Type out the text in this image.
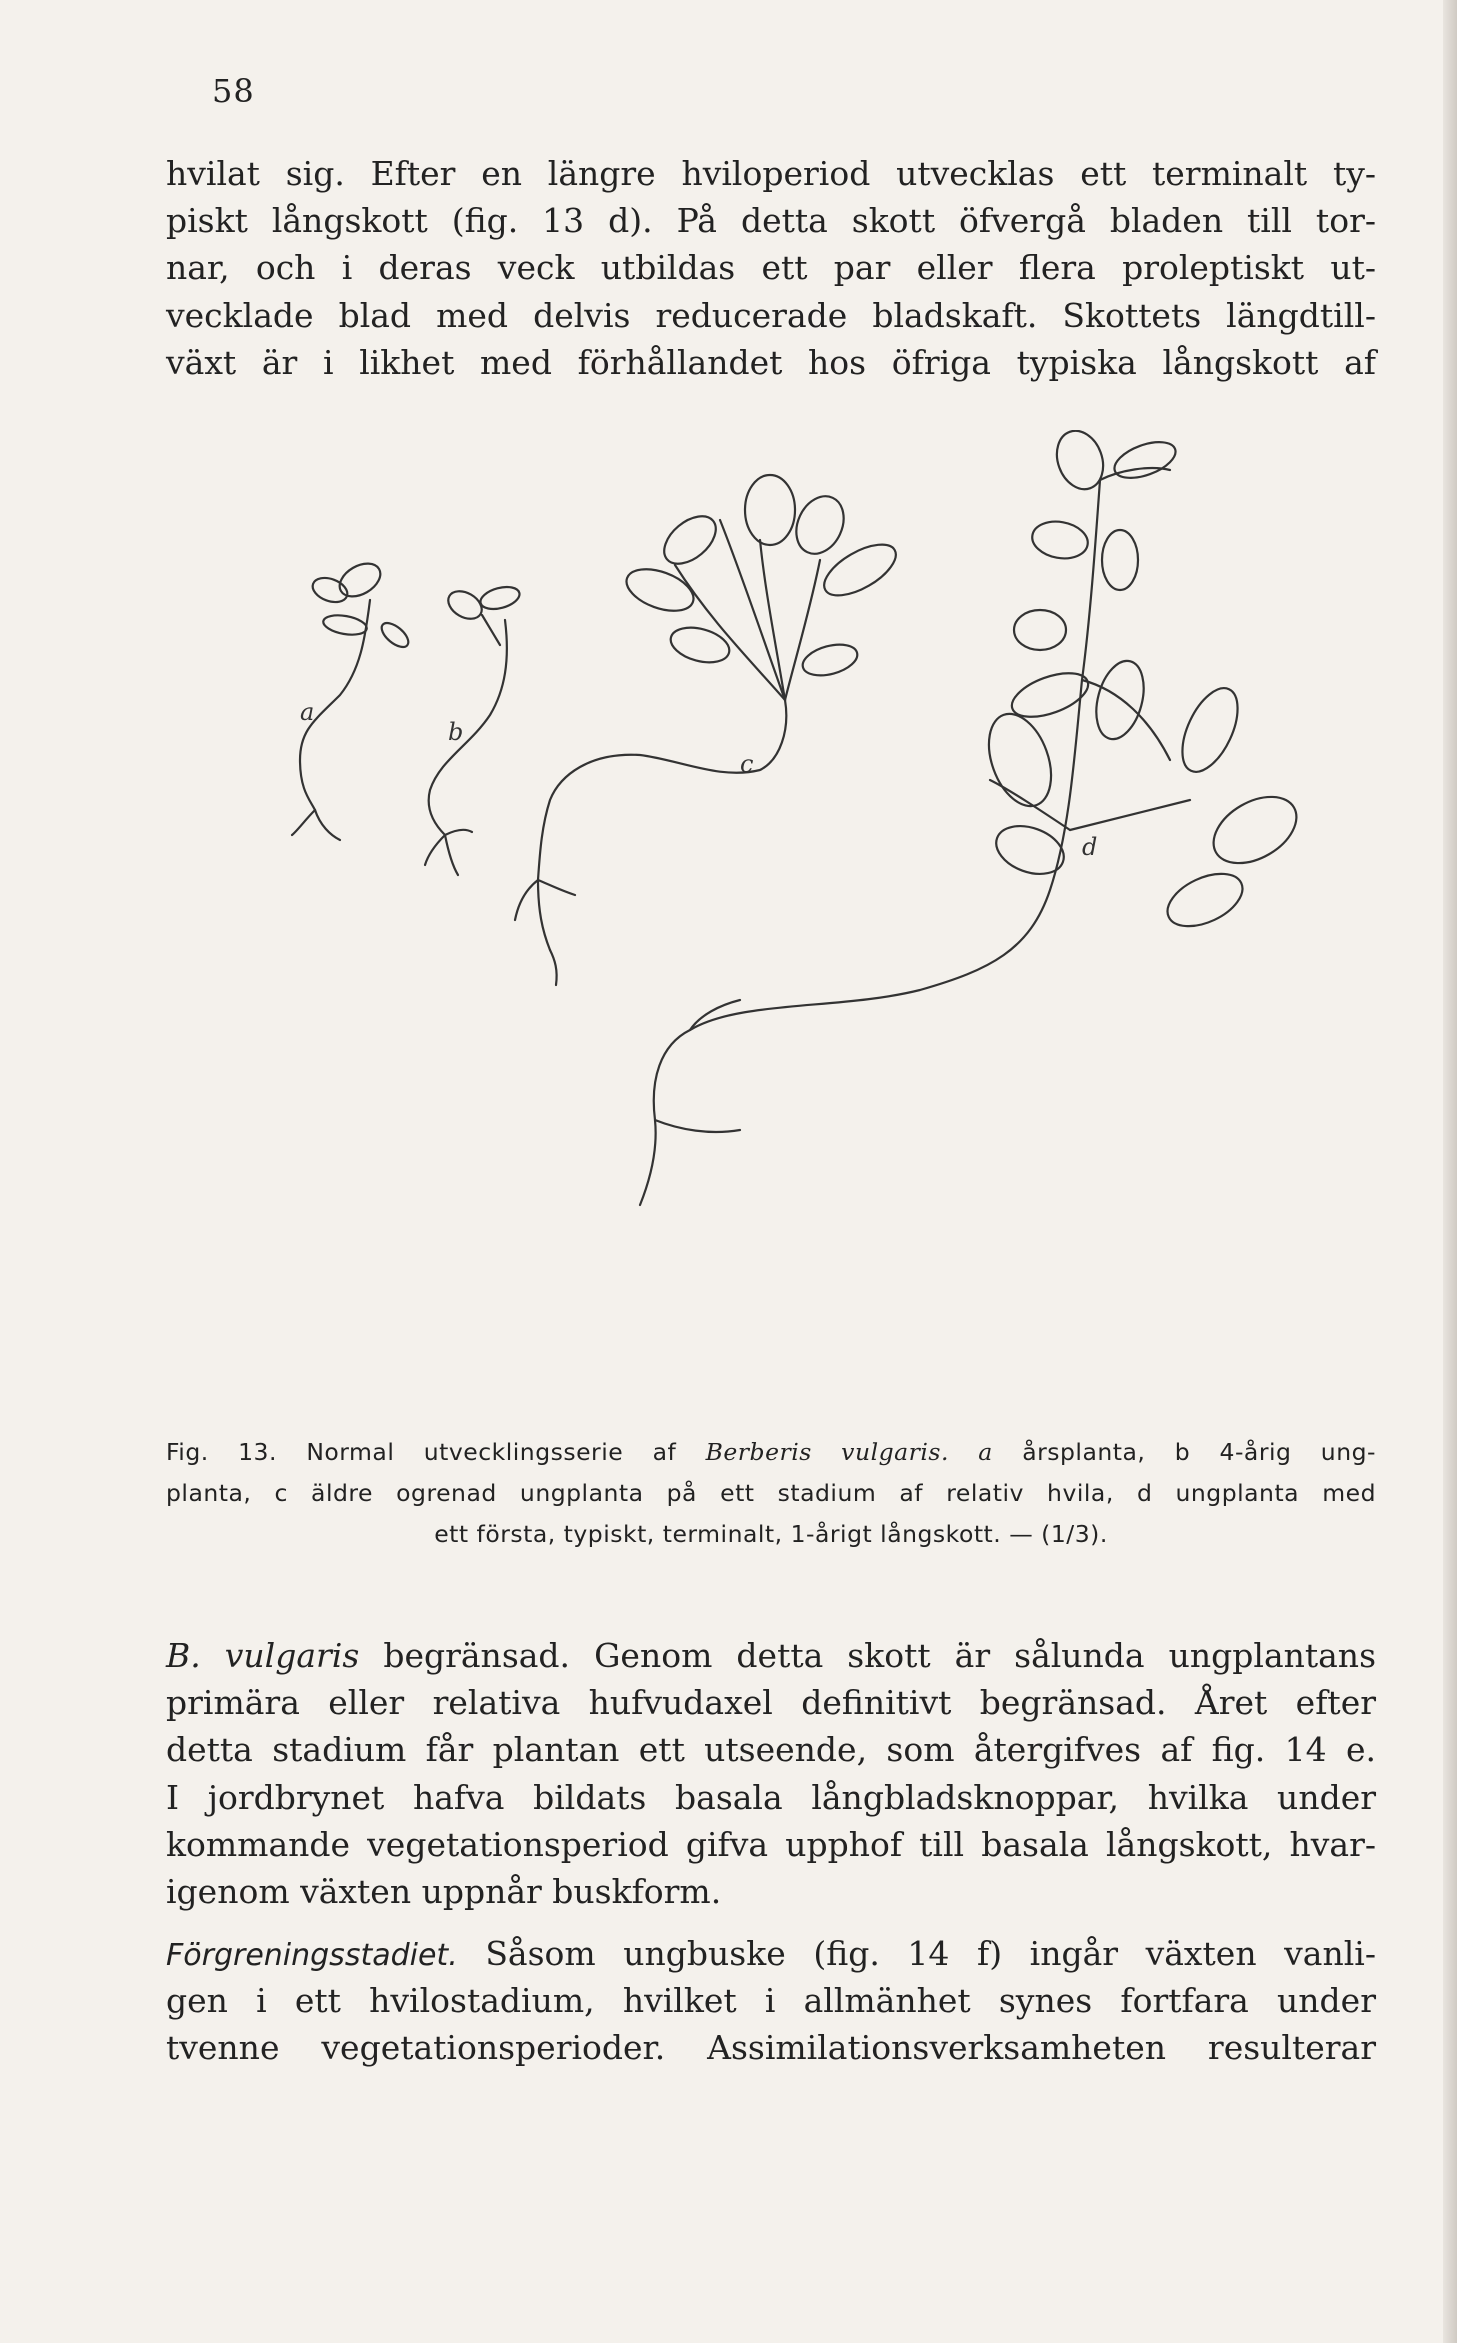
58
hvilat sig. Efter en längre hviloperiod utvecklas ett terminalt ty-
piskt långskott (fig. 13 d). På detta skott öfvergå bladen till tor-
nar, och i deras veck utbildas ett par eller flera proleptiskt ut-
vecklade blad med delvis reducerade bladskaft. Skottets längdtill-
växt är i likhet med förhållandet hos öfriga typiska långskott af
a
b
c
d
Fig. 13. Normal utvecklingsserie af Berberis vulgaris. a årsplanta, b 4-årig ung-
planta, c äldre ogrenad ungplanta på ett stadium af relativ hvila, d ungplanta med
ett första, typiskt, terminalt, 1-årigt långskott. — (1/3).
B. vulgaris begränsad. Genom detta skott är sålunda ungplantans
primära eller relativa hufvudaxel definitivt begränsad. Året efter
detta stadium får plantan ett utseende, som återgifves af fig. 14 e.
I jordbrynet hafva bildats basala långbladsknoppar, hvilka under
kommande vegetationsperiod gifva upphof till basala långskott, hvar-
igenom växten uppnår buskform.
Förgreningsstadiet. Såsom ungbuske (fig. 14 f) ingår växten vanli-
gen i ett hvilostadium, hvilket i allmänhet synes fortfara under
tvenne vegetationsperioder. Assimilationsverksamheten resulterar
